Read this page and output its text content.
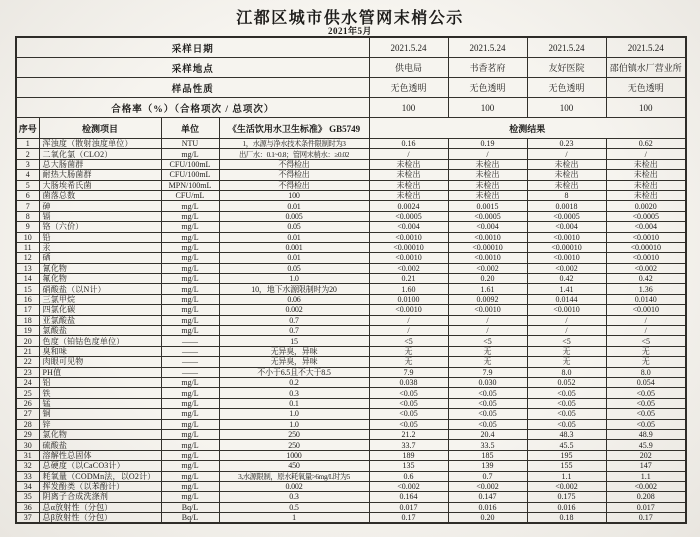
江都区城市供水管网末梢公示
2021年5月
采样日期				2021.5.24	2021.5.24	2021.5.24	2021.5.24
采样地点				供电局	书香茗府	友好医院	邵伯镇水厂营业所
样品性质				无色透明	无色透明	无色透明	无色透明
合格率（%）（合格项次 / 总项次）				100	100	100	100
序号	检测项目	单位	《生活饮用水卫生标准》 GB5749	检测结果			
1	浑浊度（散射浊度单位）	NTU	1，水源与净水技术条件限制时为3	0.16	0.19	0.23	0.62
2	二氧化氯（CLO2）	mg/L	出厂水：0.1~0.8；管网末梢水：≥0.02	/	/	/	/
3	总大肠菌群	CFU/100mL	不得检出	未检出	未检出	未检出	未检出
4	耐热大肠菌群	CFU/100mL	不得检出	未检出	未检出	未检出	未检出
5	大肠埃希氏菌	MPN/100mL	不得检出	未检出	未检出	未检出	未检出
6	菌落总数	CFU/mL	100	未检出	未检出	8	未检出
7	砷	mg/L	0.01	0.0024	0.0015	0.0018	0.0020
8	镉	mg/L	0.005	<0.0005	<0.0005	<0.0005	<0.0005
9	铬（六价）	mg/L	0.05	<0.004	<0.004	<0.004	<0.004
10	铅	mg/L	0.01	<0.0010	<0.0010	<0.0010	<0.0010
11	汞	mg/L	0.001	<0.00010	<0.00010	<0.00010	<0.00010
12	硒	mg/L	0.01	<0.0010	<0.0010	<0.0010	<0.0010
13	氰化物	mg/L	0.05	<0.002	<0.002	<0.002	<0.002
14	氟化物	mg/L	1.0	0.21	0.20	0.42	0.42
15	硝酸盐（以N计）	mg/L	10，地下水源限制时为20	1.60	1.61	1.41	1.36
16	三氯甲烷	mg/L	0.06	0.0100	0.0092	0.0144	0.0140
17	四氯化碳	mg/L	0.002	<0.0010	<0.0010	<0.0010	<0.0010
18	亚氯酸盐	mg/L	0.7	/	/	/	/
19	氯酸盐	mg/L	0.7	/	/	/	/
20	色度（铂钴色度单位）	——	15	<5	<5	<5	<5
21	臭和味	——	无异臭，异味	无	无	无	无
22	肉眼可见物	——	无异臭，异味	无	无	无	无
23	PH值	——	不小于6.5且不大于8.5	7.9	7.9	8.0	8.0
24	铝	mg/L	0.2	0.038	0.030	0.052	0.054
25	铁	mg/L	0.3	<0.05	<0.05	<0.05	<0.05
26	锰	mg/L	0.1	<0.05	<0.05	<0.05	<0.05
27	铜	mg/L	1.0	<0.05	<0.05	<0.05	<0.05
28	锌	mg/L	1.0	<0.05	<0.05	<0.05	<0.05
29	氯化物	mg/L	250	21.2	20.4	48.3	48.9
30	硫酸盐	mg/L	250	33.7	33.5	45.5	45.9
31	溶解性总固体	mg/L	1000	189	185	195	202
32	总硬度（以CaCO3计）	mg/L	450	135	139	155	147
33	耗氧量（CODMn法，以O2计）	mg/L	3,水源限制，原水耗氧量>6mg/L时为5	0.6	0.7	1.1	1.1
34	挥发酚类（以苯酚计）	mg/L	0.002	<0.002	<0.002	<0.002	<0.002
35	阴离子合成洗涤剂	mg/L	0.3	0.164	0.147	0.175	0.208
36	总α放射性（分包）	Bq/L	0.5	0.017	0.016	0.016	0.017
37	总β放射性（分包）	Bq/L	1	0.17	0.20	0.18	0.17
